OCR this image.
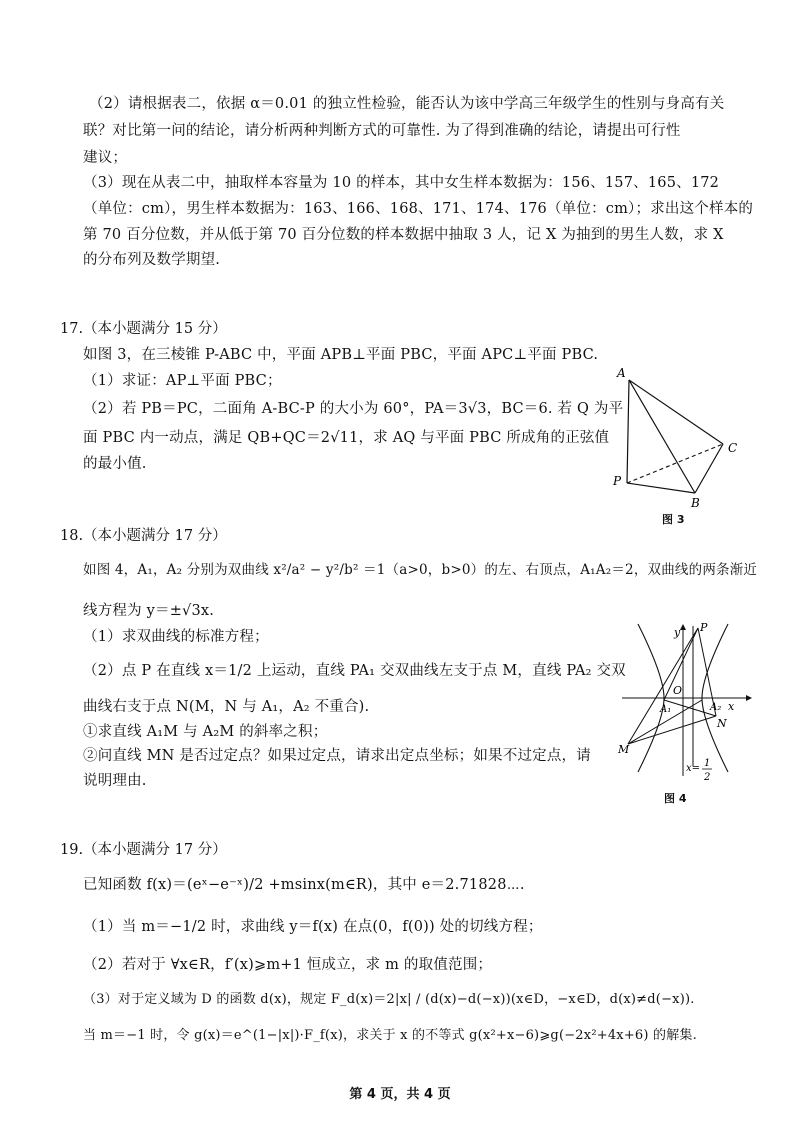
（2）请根据表二，依据 α＝0.01 的独立性检验，能否认为该中学高三年级学生的性别与身高有关
联？对比第一问的结论，请分析两种判断方式的可靠性. 为了得到准确的结论，请提出可行性
建议；
（3）现在从表二中，抽取样本容量为 10 的样本，其中女生样本数据为：156、157、165、172
（单位：cm），男生样本数据为：163、166、168、171、174、176（单位：cm）；求出这个样本的
第 70 百分位数，并从低于第 70 百分位数的样本数据中抽取 3 人，记 X 为抽到的男生人数，求 X
的分布列及数学期望.
17.（本小题满分 15 分）
如图 3，在三棱锥 P-ABC 中，平面 APB⊥平面 PBC，平面 APC⊥平面 PBC.
（1）求证：AP⊥平面 PBC；
（2）若 PB＝PC，二面角 A-BC-P 的大小为 60°，PA＝3√3，BC＝6. 若 Q 为平
面 PBC 内一动点，满足 QB+QC＝2√11，求 AQ 与平面 PBC 所成角的正弦值
的最小值.
A
C
P
B
图 3
18.（本小题满分 17 分）
如图 4，A₁，A₂ 分别为双曲线 x²/a² − y²/b² ＝1（a>0，b>0）的左、右顶点，A₁A₂＝2，双曲线的两条渐近
线方程为 y＝±√3x.
（1）求双曲线的标准方程；
（2）点 P 在直线 x＝1/2 上运动，直线 PA₁ 交双曲线左支于点 M，直线 PA₂ 交双
曲线右支于点 N(M，N 与 A₁，A₂ 不重合).
①求直线 A₁M 与 A₂M 的斜率之积；
②问直线 MN 是否过定点？如果过定点，请求出定点坐标；如果不过定点，请
说明理由.
y P
O
A₁	A₂ x
N
M
x= 1
2
图 4
19.（本小题满分 17 分）
已知函数 f(x)＝(eˣ−e⁻ˣ)/2 +msinx(m∈R)，其中 e＝2.71828⋯.
（1）当 m＝−1/2 时，求曲线 y＝f(x) 在点(0，f(0)) 处的切线方程；
（2）若对于 ∀x∈R，f′(x)⩾m+1 恒成立，求 m 的取值范围；
（3）对于定义域为 D 的函数 d(x)，规定 F_d(x)＝2|x| / (d(x)−d(−x))(x∈D，−x∈D，d(x)≠d(−x)).
当 m＝−1 时，令 g(x)＝e^(1−|x|)·F_f(x)，求关于 x 的不等式 g(x²+x−6)⩾g(−2x²+4x+6) 的解集.
第 4 页，共 4 页
